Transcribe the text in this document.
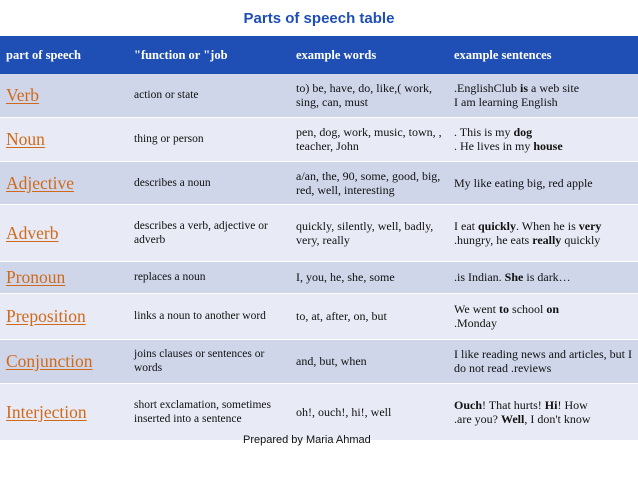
Parts of speech table
part of speech	"function or "job	example words	example sentences
Verb	action or state	to) be, have, do, like,( work, sing, can, must	.EnglishClub is a web site
I am learning English
Noun	thing or person	pen, dog, work, music, town, , teacher, John	. This is my dog
. He lives in my house
Adjective	describes a noun	a/an, the, 90, some, good, big, red, well, interesting	My like eating big, red apple
Adverb	describes a verb, adjective or adverb	quickly, silently, well, badly, very, really	I eat quickly. When he is very
.hungry, he eats really quickly
Pronoun	replaces a noun	I, you, he, she, some	.is Indian. She is dark…
Preposition	links a noun to another word	to, at, after, on, but	We went to school on
.Monday
Conjunction	joins clauses or sentences or words	and, but, when	I like reading news and articles, but I do not read .reviews
Interjection	short exclamation, sometimes inserted into a sentence	oh!, ouch!, hi!, well	Ouch! That hurts! Hi! How
.are you? Well, I don't know
Prepared by Maria Ahmad
